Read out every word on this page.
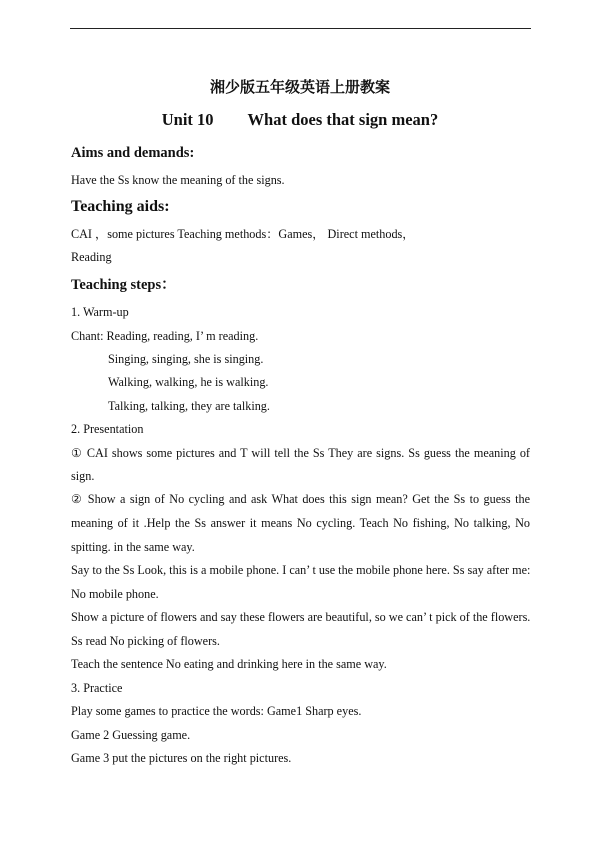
湘少版五年级英语上册教案
Unit 10 What does that sign mean?
Aims and demands:
Have the Ss know the meaning of the signs.
Teaching aids:
CAI ，some pictures Teaching methods：Games， Direct methods，
Reading
Teaching steps：
1. Warm-up
Chant: Reading, reading, I’ m reading.
Singing, singing, she is singing.
Walking, walking, he is walking.
Talking, talking, they are talking.
2. Presentation
① CAI shows some pictures and T will tell the Ss They are signs. Ss guess the meaning of
sign.
② Show a sign of No cycling and ask What does this sign mean? Get the Ss to guess the
meaning of it .Help the Ss answer it means No cycling. Teach No fishing, No talking, No
spitting. in the same way.
Say to the Ss Look, this is a mobile phone. I can’ t use the mobile phone here. Ss say after me:
No mobile phone.
Show a picture of flowers and say these flowers are beautiful, so we can’ t pick of the flowers.
Ss read No picking of flowers.
Teach the sentence No eating and drinking here in the same way.
3. Practice
Play some games to practice the words: Game1 Sharp eyes.
Game 2 Guessing game.
Game 3 put the pictures on the right pictures.
